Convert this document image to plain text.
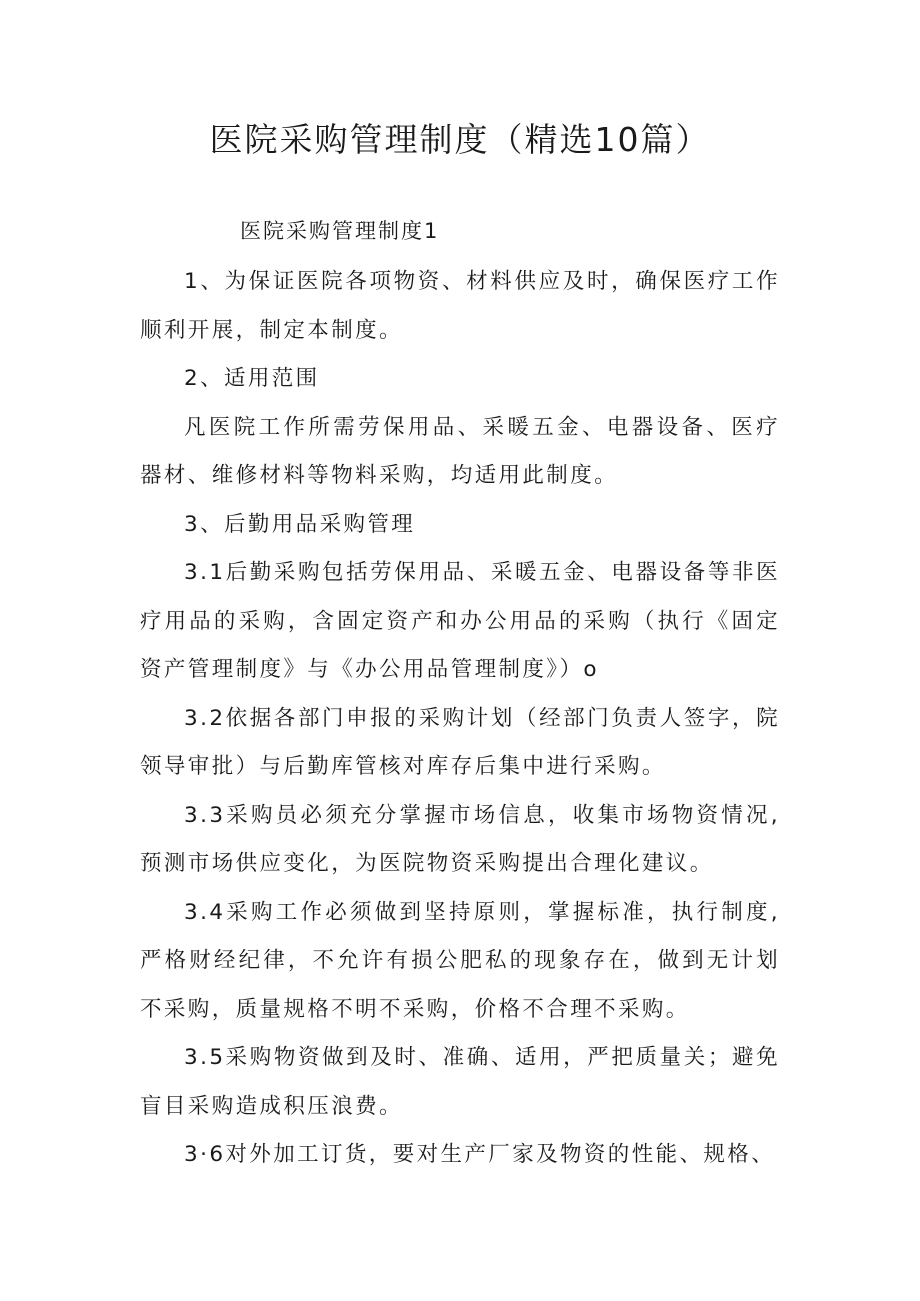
医院采购管理制度（精选10篇）
医院采购管理制度1

1、为保证医院各项物资、材料供应及时，确保医疗工作顺利开展，制定本制度。

2、适用范围

凡医院工作所需劳保用品、采暖五金、电器设备、医疗器材、维修材料等物料采购，均适用此制度。

3、后勤用品采购管理

3.1后勤采购包括劳保用品、采暖五金、电器设备等非医疗用品的采购，含固定资产和办公用品的采购（执行《固定资产管理制度》与《办公用品管理制度》）o

3.2依据各部门申报的采购计划（经部门负责人签字，院领导审批）与后勤库管核对库存后集中进行采购。

3.3采购员必须充分掌握市场信息，收集市场物资情况,预测市场供应变化，为医院物资采购提出合理化建议。

3.4采购工作必须做到坚持原则，掌握标准，执行制度,严格财经纪律，不允许有损公肥私的现象存在，做到无计划不采购，质量规格不明不采购，价格不合理不采购。

3.5采购物资做到及时、准确、适用，严把质量关；避免盲目采购造成积压浪费。

3·6对外加工订货，要对生产厂家及物资的性能、规格、
